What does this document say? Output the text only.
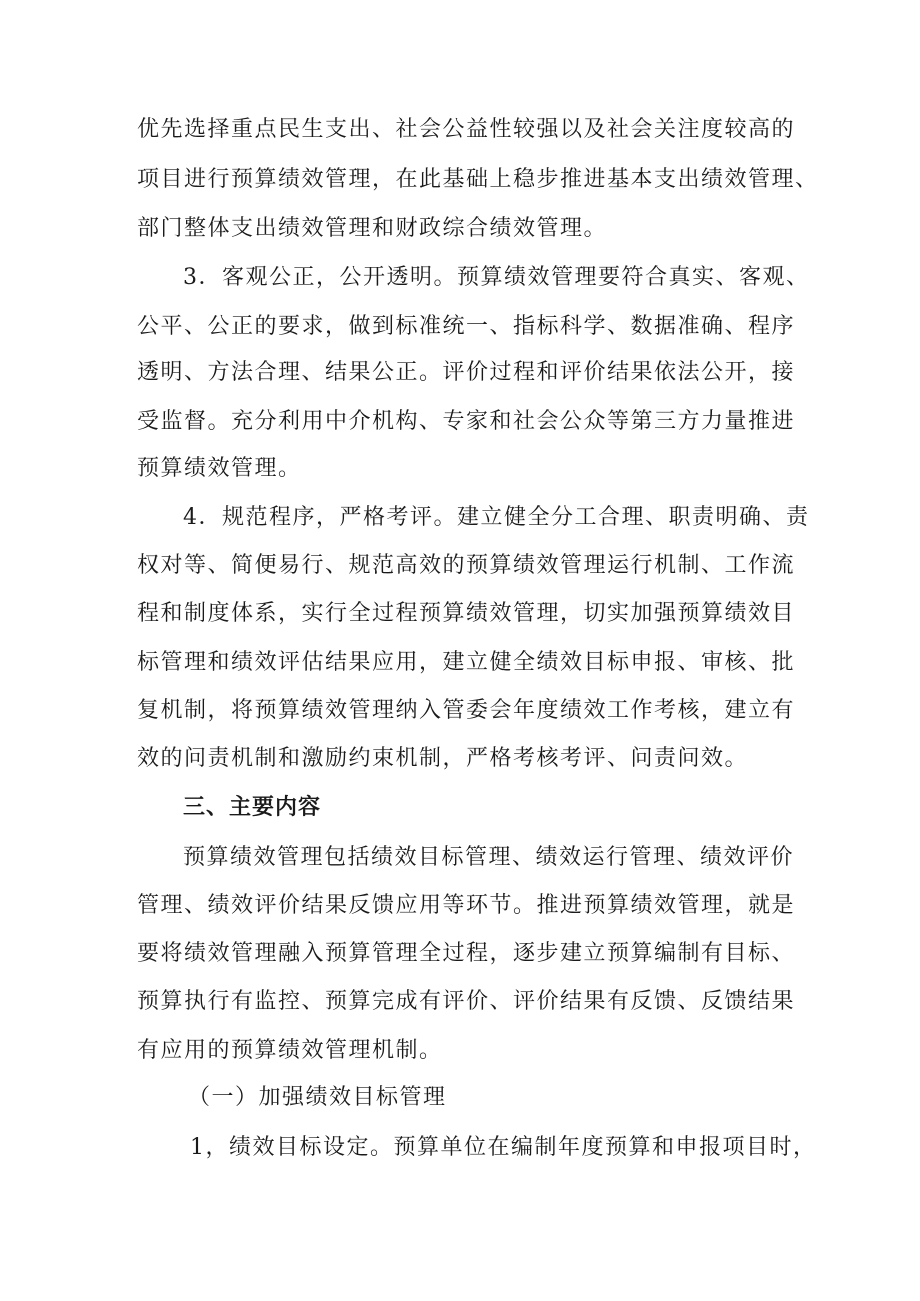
优先选择重点民生支出、社会公益性较强以及社会关注度较高的
项目进行预算绩效管理，在此基础上稳步推进基本支出绩效管理、
部门整体支出绩效管理和财政综合绩效管理。
3．客观公正，公开透明。预算绩效管理要符合真实、客观、
公平、公正的要求，做到标准统一、指标科学、数据准确、程序
透明、方法合理、结果公正。评价过程和评价结果依法公开，接
受监督。充分利用中介机构、专家和社会公众等第三方力量推进
预算绩效管理。
4．规范程序，严格考评。建立健全分工合理、职责明确、责
权对等、简便易行、规范高效的预算绩效管理运行机制、工作流
程和制度体系，实行全过程预算绩效管理，切实加强预算绩效目
标管理和绩效评估结果应用，建立健全绩效目标申报、审核、批
复机制，将预算绩效管理纳入管委会年度绩效工作考核，建立有
效的问责机制和激励约束机制，严格考核考评、问责问效。
三、主要内容
预算绩效管理包括绩效目标管理、绩效运行管理、绩效评价
管理、绩效评价结果反馈应用等环节。推进预算绩效管理，就是
要将绩效管理融入预算管理全过程，逐步建立预算编制有目标、
预算执行有监控、预算完成有评价、评价结果有反馈、反馈结果
有应用的预算绩效管理机制。
（一）加强绩效目标管理
1，绩效目标设定。预算单位在编制年度预算和申报项目时，
